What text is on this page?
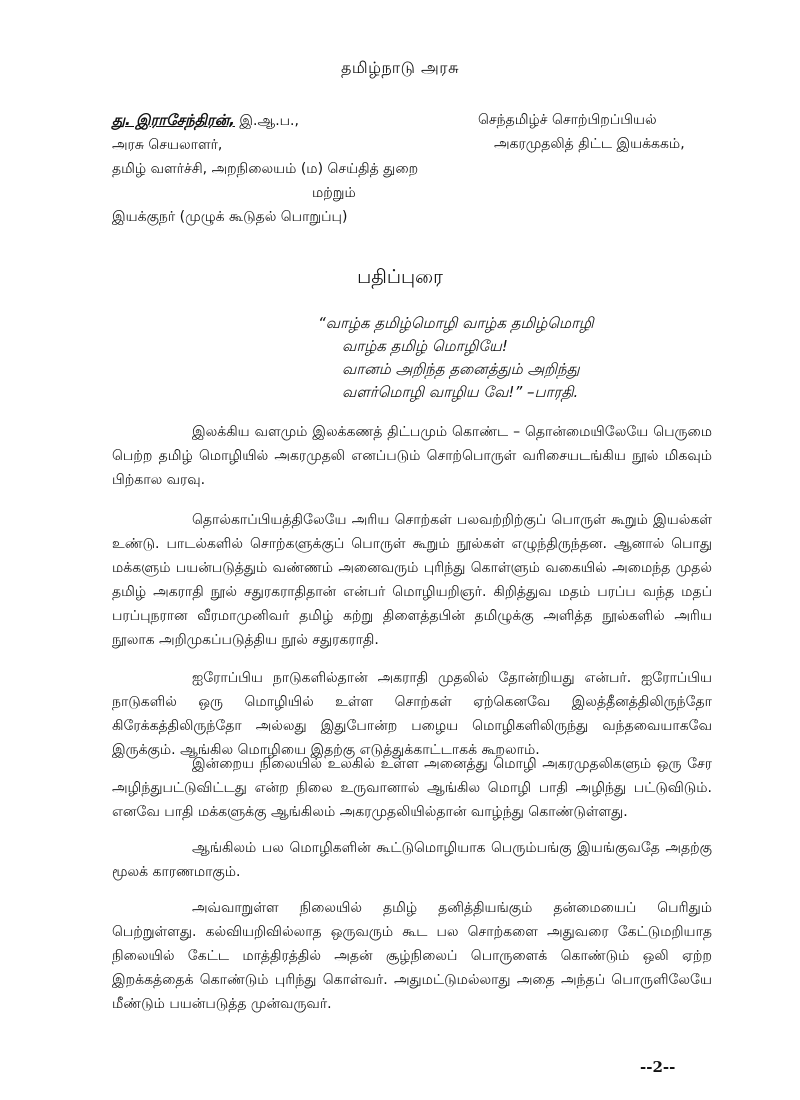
தமிழ்நாடு அரசு
து. இராசேந்திரன், இ.ஆ.ப.,
அரசு செயலாளர்,
தமிழ் வளர்ச்சி, அறநிலையம் (ம) செய்தித் துறை
மற்றும்
இயக்குநர் (முழுக் கூடுதல் பொறுப்பு)
செந்தமிழ்ச் சொற்பிறப்பியல்
அகரமுதலித் திட்ட இயக்ககம்,
பதிப்புரை
“வாழ்க தமிழ்மொழி வாழ்க தமிழ்மொழி
வாழ்க தமிழ் மொழியே!
வானம் அறிந்த தனைத்தும் அறிந்து
வளர்மொழி வாழிய வே!” –பாரதி.
இலக்கிய வளமும் இலக்கணத் திட்பமும் கொண்ட – தொன்மையிலேயே பெருமை பெற்ற தமிழ் மொழியில் அகரமுதலி எனப்படும் சொற்பொருள் வரிசையடங்கிய நூல் மிகவும் பிற்கால வரவு.
தொல்காப்பியத்திலேயே அரிய சொற்கள் பலவற்றிற்குப் பொருள் கூறும் இயல்கள் உண்டு. பாடல்களில் சொற்களுக்குப் பொருள் கூறும் நூல்கள் எழுந்திருந்தன. ஆனால் பொது மக்களும் பயன்படுத்தும் வண்ணம் அனைவரும் புரிந்து கொள்ளும் வகையில் அமைந்த முதல் தமிழ் அகராதி நூல் சதுரகராதிதான் என்பர் மொழியறிஞர். கிறித்துவ மதம் பரப்ப வந்த மதப் பரப்புநரான வீரமாமுனிவர் தமிழ் கற்று திளைத்தபின் தமிழுக்கு அளித்த நூல்களில் அரிய நூலாக அறிமுகப்படுத்திய நூல் சதுரகராதி.
ஐரோப்பிய நாடுகளில்தான் அகராதி முதலில் தோன்றியது என்பர். ஐரோப்பிய நாடுகளில் ஒரு மொழியில் உள்ள சொற்கள் ஏற்கெனவே இலத்தீனத்திலிருந்தோ கிரேக்கத்திலிருந்தோ அல்லது இதுபோன்ற பழைய மொழிகளிலிருந்து வந்தவையாகவே இருக்கும். ஆங்கில மொழியை இதற்கு எடுத்துக்காட்டாகக் கூறலாம்.
இன்றைய நிலையில் உலகில் உள்ள அனைத்து மொழி அகரமுதலிகளும் ஒரு சேர அழிந்துபட்டுவிட்டது என்ற நிலை உருவானால் ஆங்கில மொழி பாதி அழிந்து பட்டுவிடும். எனவே பாதி மக்களுக்கு ஆங்கிலம் அகரமுதலியில்தான் வாழ்ந்து கொண்டுள்ளது.
ஆங்கிலம் பல மொழிகளின் கூட்டுமொழியாக பெரும்பங்கு இயங்குவதே அதற்கு மூலக் காரணமாகும்.
அவ்வாறுள்ள நிலையில் தமிழ் தனித்தியங்கும் தன்மையைப் பெரிதும் பெற்றுள்ளது. கல்வியறிவில்லாத ஒருவரும் கூட பல சொற்களை அதுவரை கேட்டுமறியாத நிலையில் கேட்ட மாத்திரத்தில் அதன் சூழ்நிலைப் பொருளைக் கொண்டும் ஒலி ஏற்ற இறக்கத்தைக் கொண்டும் புரிந்து கொள்வர். அதுமட்டுமல்லாது அதை அந்தப் பொருளிலேயே மீண்டும் பயன்படுத்த முன்வருவர்.
--2--
